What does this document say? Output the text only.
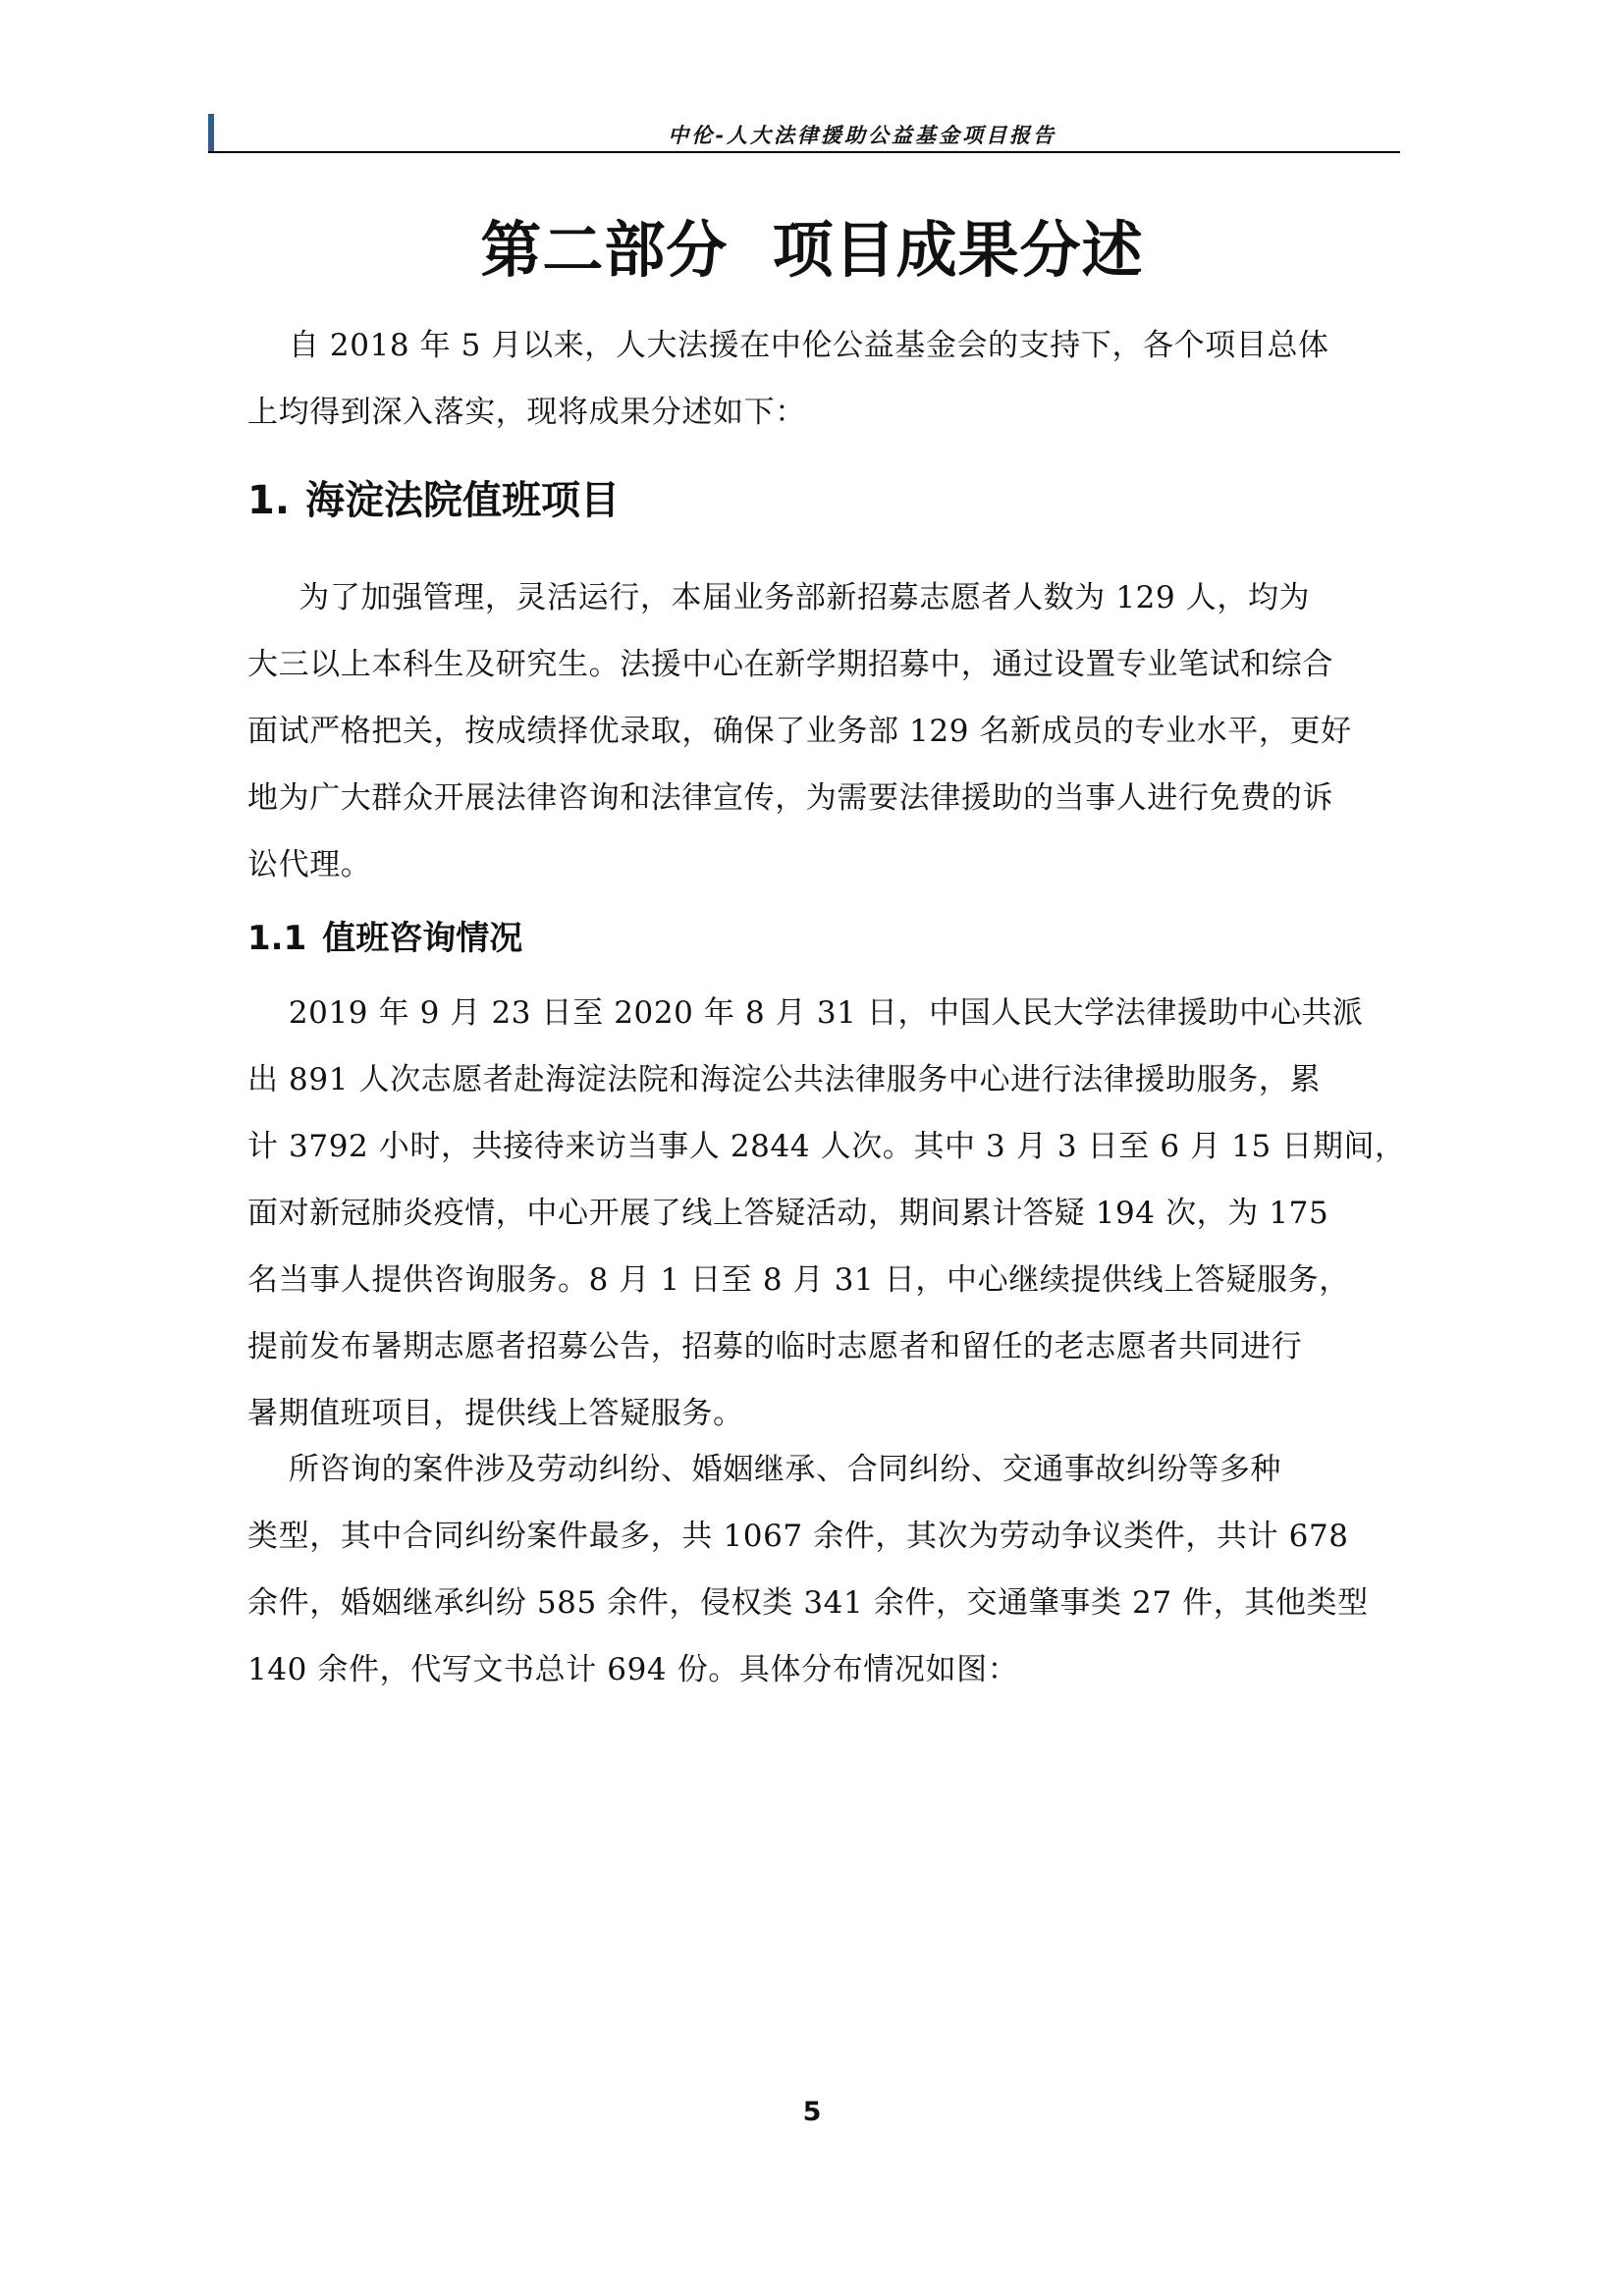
中伦-人大法律援助公益基金项目报告
第二部分  项目成果分述
自 2018 年 5 月以来，人大法援在中伦公益基金会的支持下，各个项目总体
上均得到深入落实，现将成果分述如下：
1. 海淀法院值班项目
为了加强管理，灵活运行，本届业务部新招募志愿者人数为 129 人，均为
大三以上本科生及研究生。法援中心在新学期招募中，通过设置专业笔试和综合
面试严格把关，按成绩择优录取，确保了业务部 129 名新成员的专业水平，更好
地为广大群众开展法律咨询和法律宣传，为需要法律援助的当事人进行免费的诉
讼代理。
1.1 值班咨询情况
2019 年 9 月 23 日至 2020 年 8 月 31 日，中国人民大学法律援助中心共派
出 891 人次志愿者赴海淀法院和海淀公共法律服务中心进行法律援助服务，累
计 3792 小时，共接待来访当事人 2844 人次。其中 3 月 3 日至 6 月 15 日期间，
面对新冠肺炎疫情，中心开展了线上答疑活动，期间累计答疑 194 次，为 175
名当事人提供咨询服务。8 月 1 日至 8 月 31 日，中心继续提供线上答疑服务，
提前发布暑期志愿者招募公告，招募的临时志愿者和留任的老志愿者共同进行
暑期值班项目，提供线上答疑服务。
所咨询的案件涉及劳动纠纷、婚姻继承、合同纠纷、交通事故纠纷等多种
类型，其中合同纠纷案件最多，共 1067 余件，其次为劳动争议类件，共计 678
余件，婚姻继承纠纷 585 余件，侵权类 341 余件，交通肇事类 27 件，其他类型
140 余件，代写文书总计 694 份。具体分布情况如图：
5
